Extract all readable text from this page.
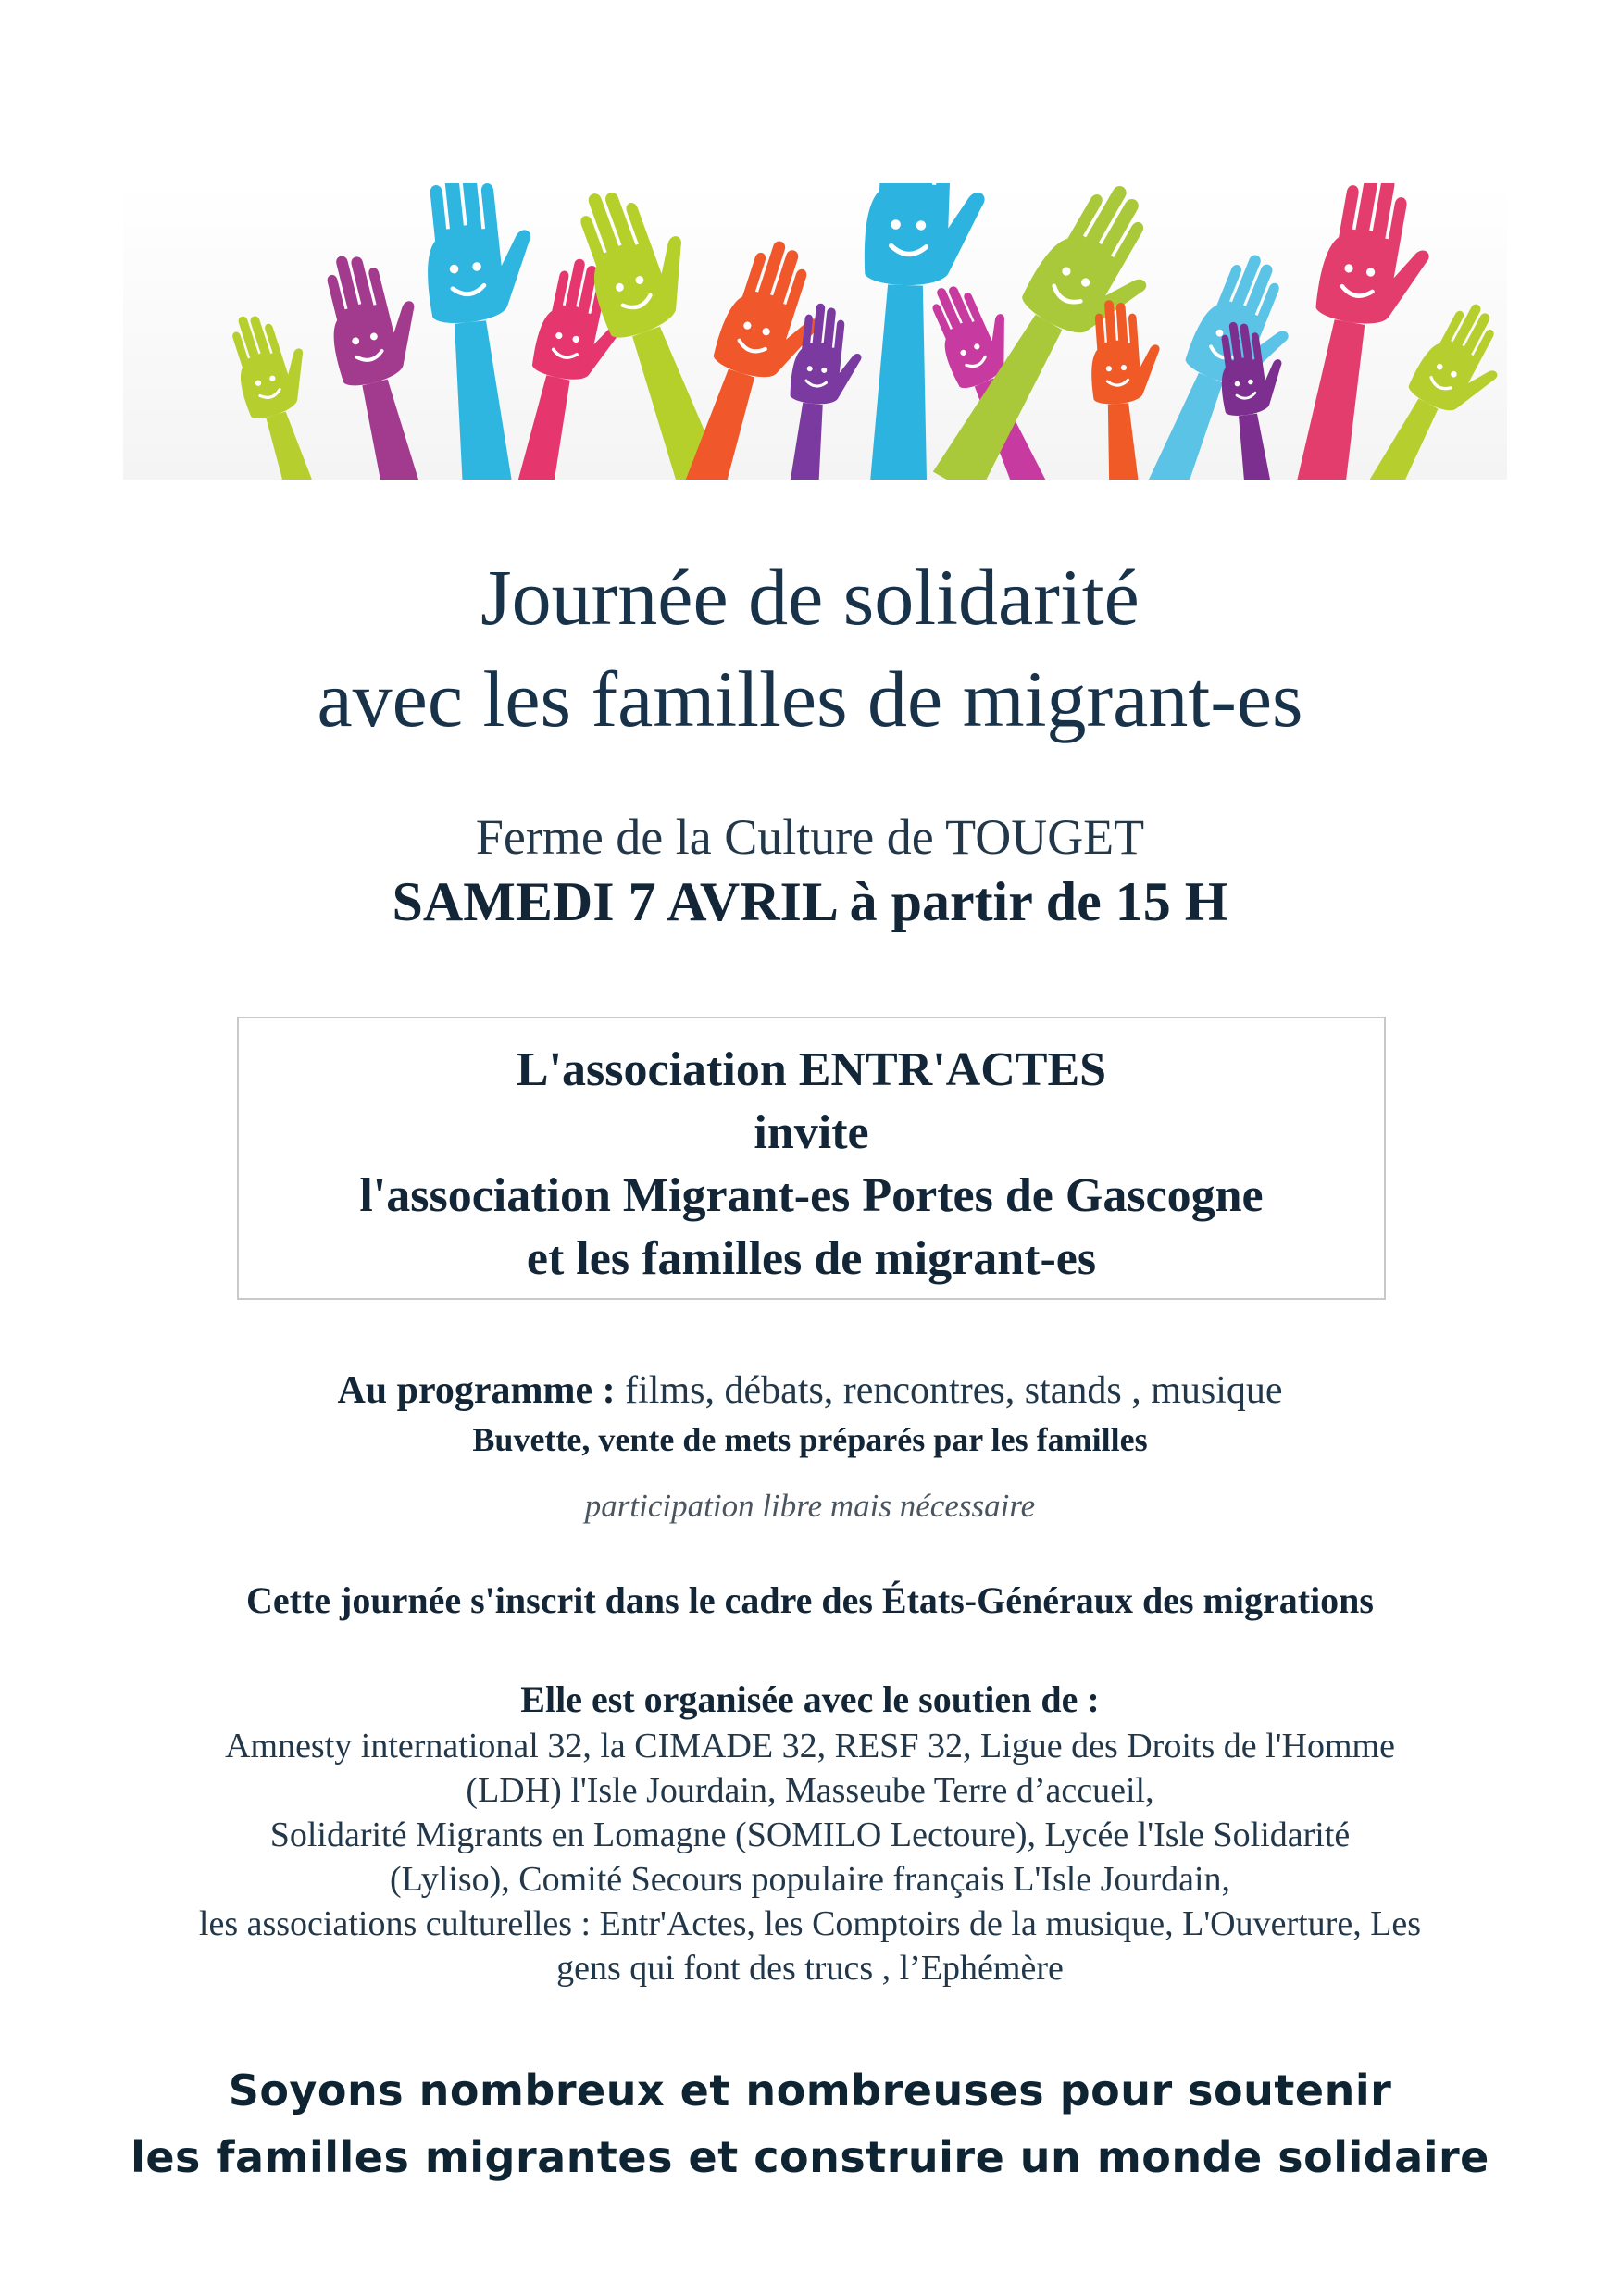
Journée de solidarité
avec les familles de migrant-es
Ferme de la Culture de TOUGET
SAMEDI 7 AVRIL à partir de 15 H
L'association ENTR'ACTES
invite
l'association Migrant-es Portes de Gascogne
et les familles de migrant-es
Au programme : films, débats, rencontres, stands , musique
Buvette, vente de mets préparés par les familles
participation libre mais nécessaire
Cette journée s'inscrit dans le cadre des États-Généraux des migrations
Elle est organisée avec le soutien de :
Amnesty international 32, la CIMADE 32, RESF 32, Ligue des Droits de l'Homme
(LDH) l'Isle Jourdain, Masseube Terre d’accueil,
Solidarité Migrants en Lomagne (SOMILO Lectoure), Lycée l'Isle Solidarité
(Lyliso), Comité Secours populaire français L'Isle Jourdain,
les associations culturelles : Entr'Actes, les Comptoirs de la musique, L'Ouverture, Les
gens qui font des trucs , l’Ephémère
Soyons nombreux et nombreuses pour soutenir
les familles migrantes et construire un monde solidaire
